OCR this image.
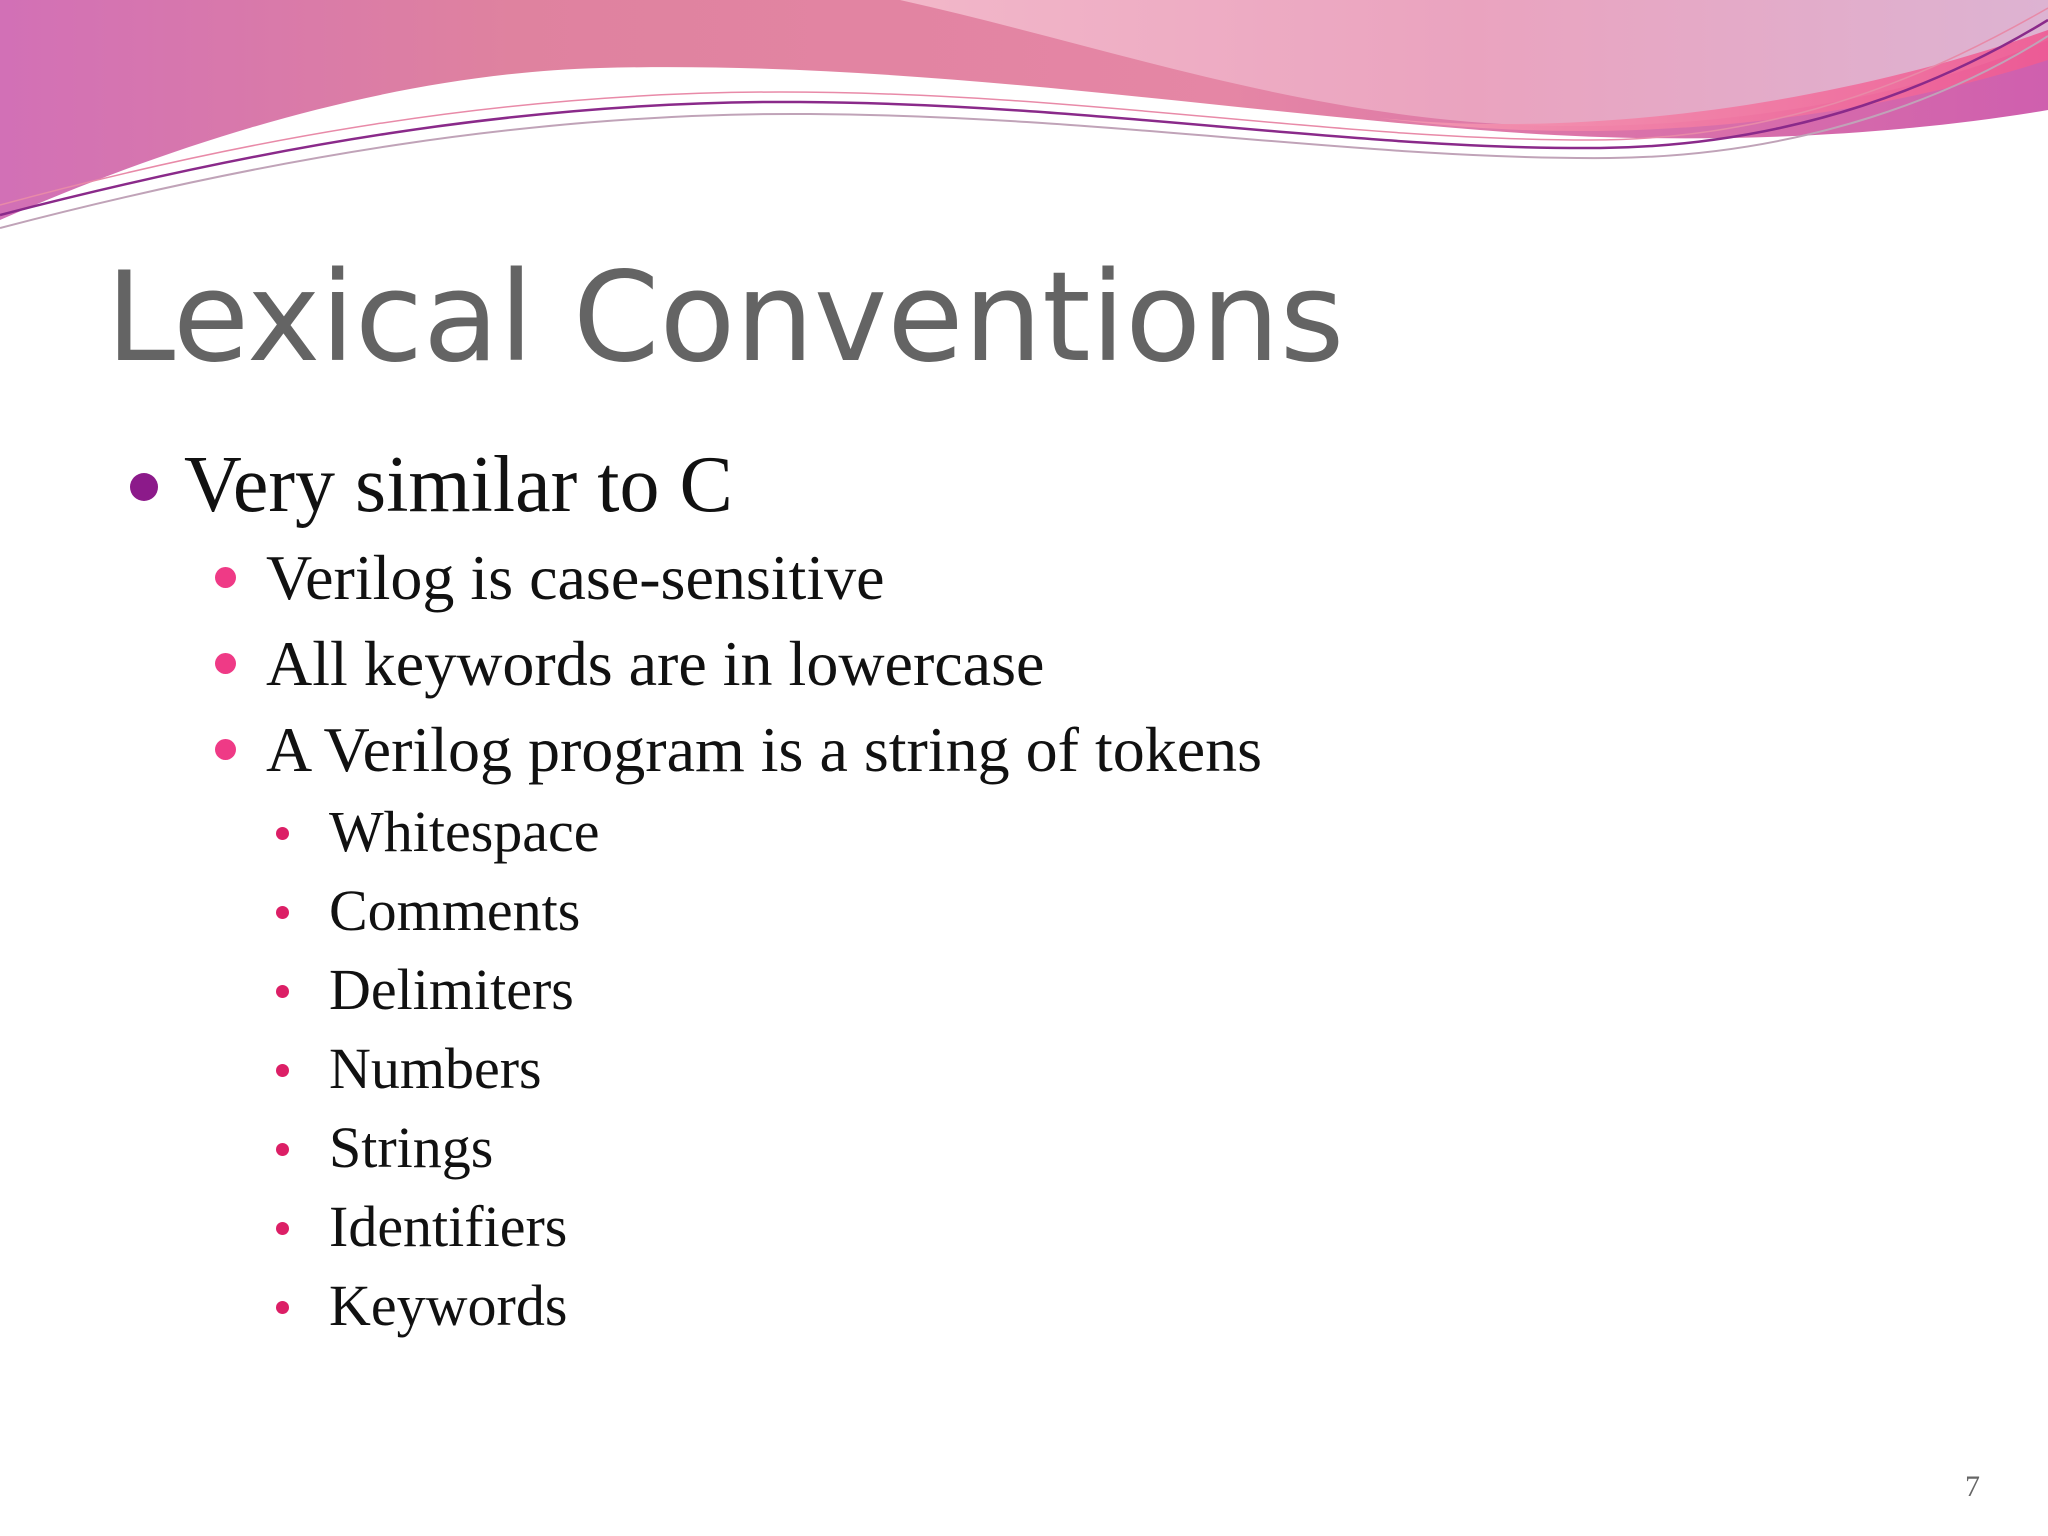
Lexical Conventions
Very similar to C
Verilog is case-sensitive
All keywords are in lowercase
A Verilog program is a string of tokens
Whitespace
Comments
Delimiters
Numbers
Strings
Identifiers
Keywords
7
